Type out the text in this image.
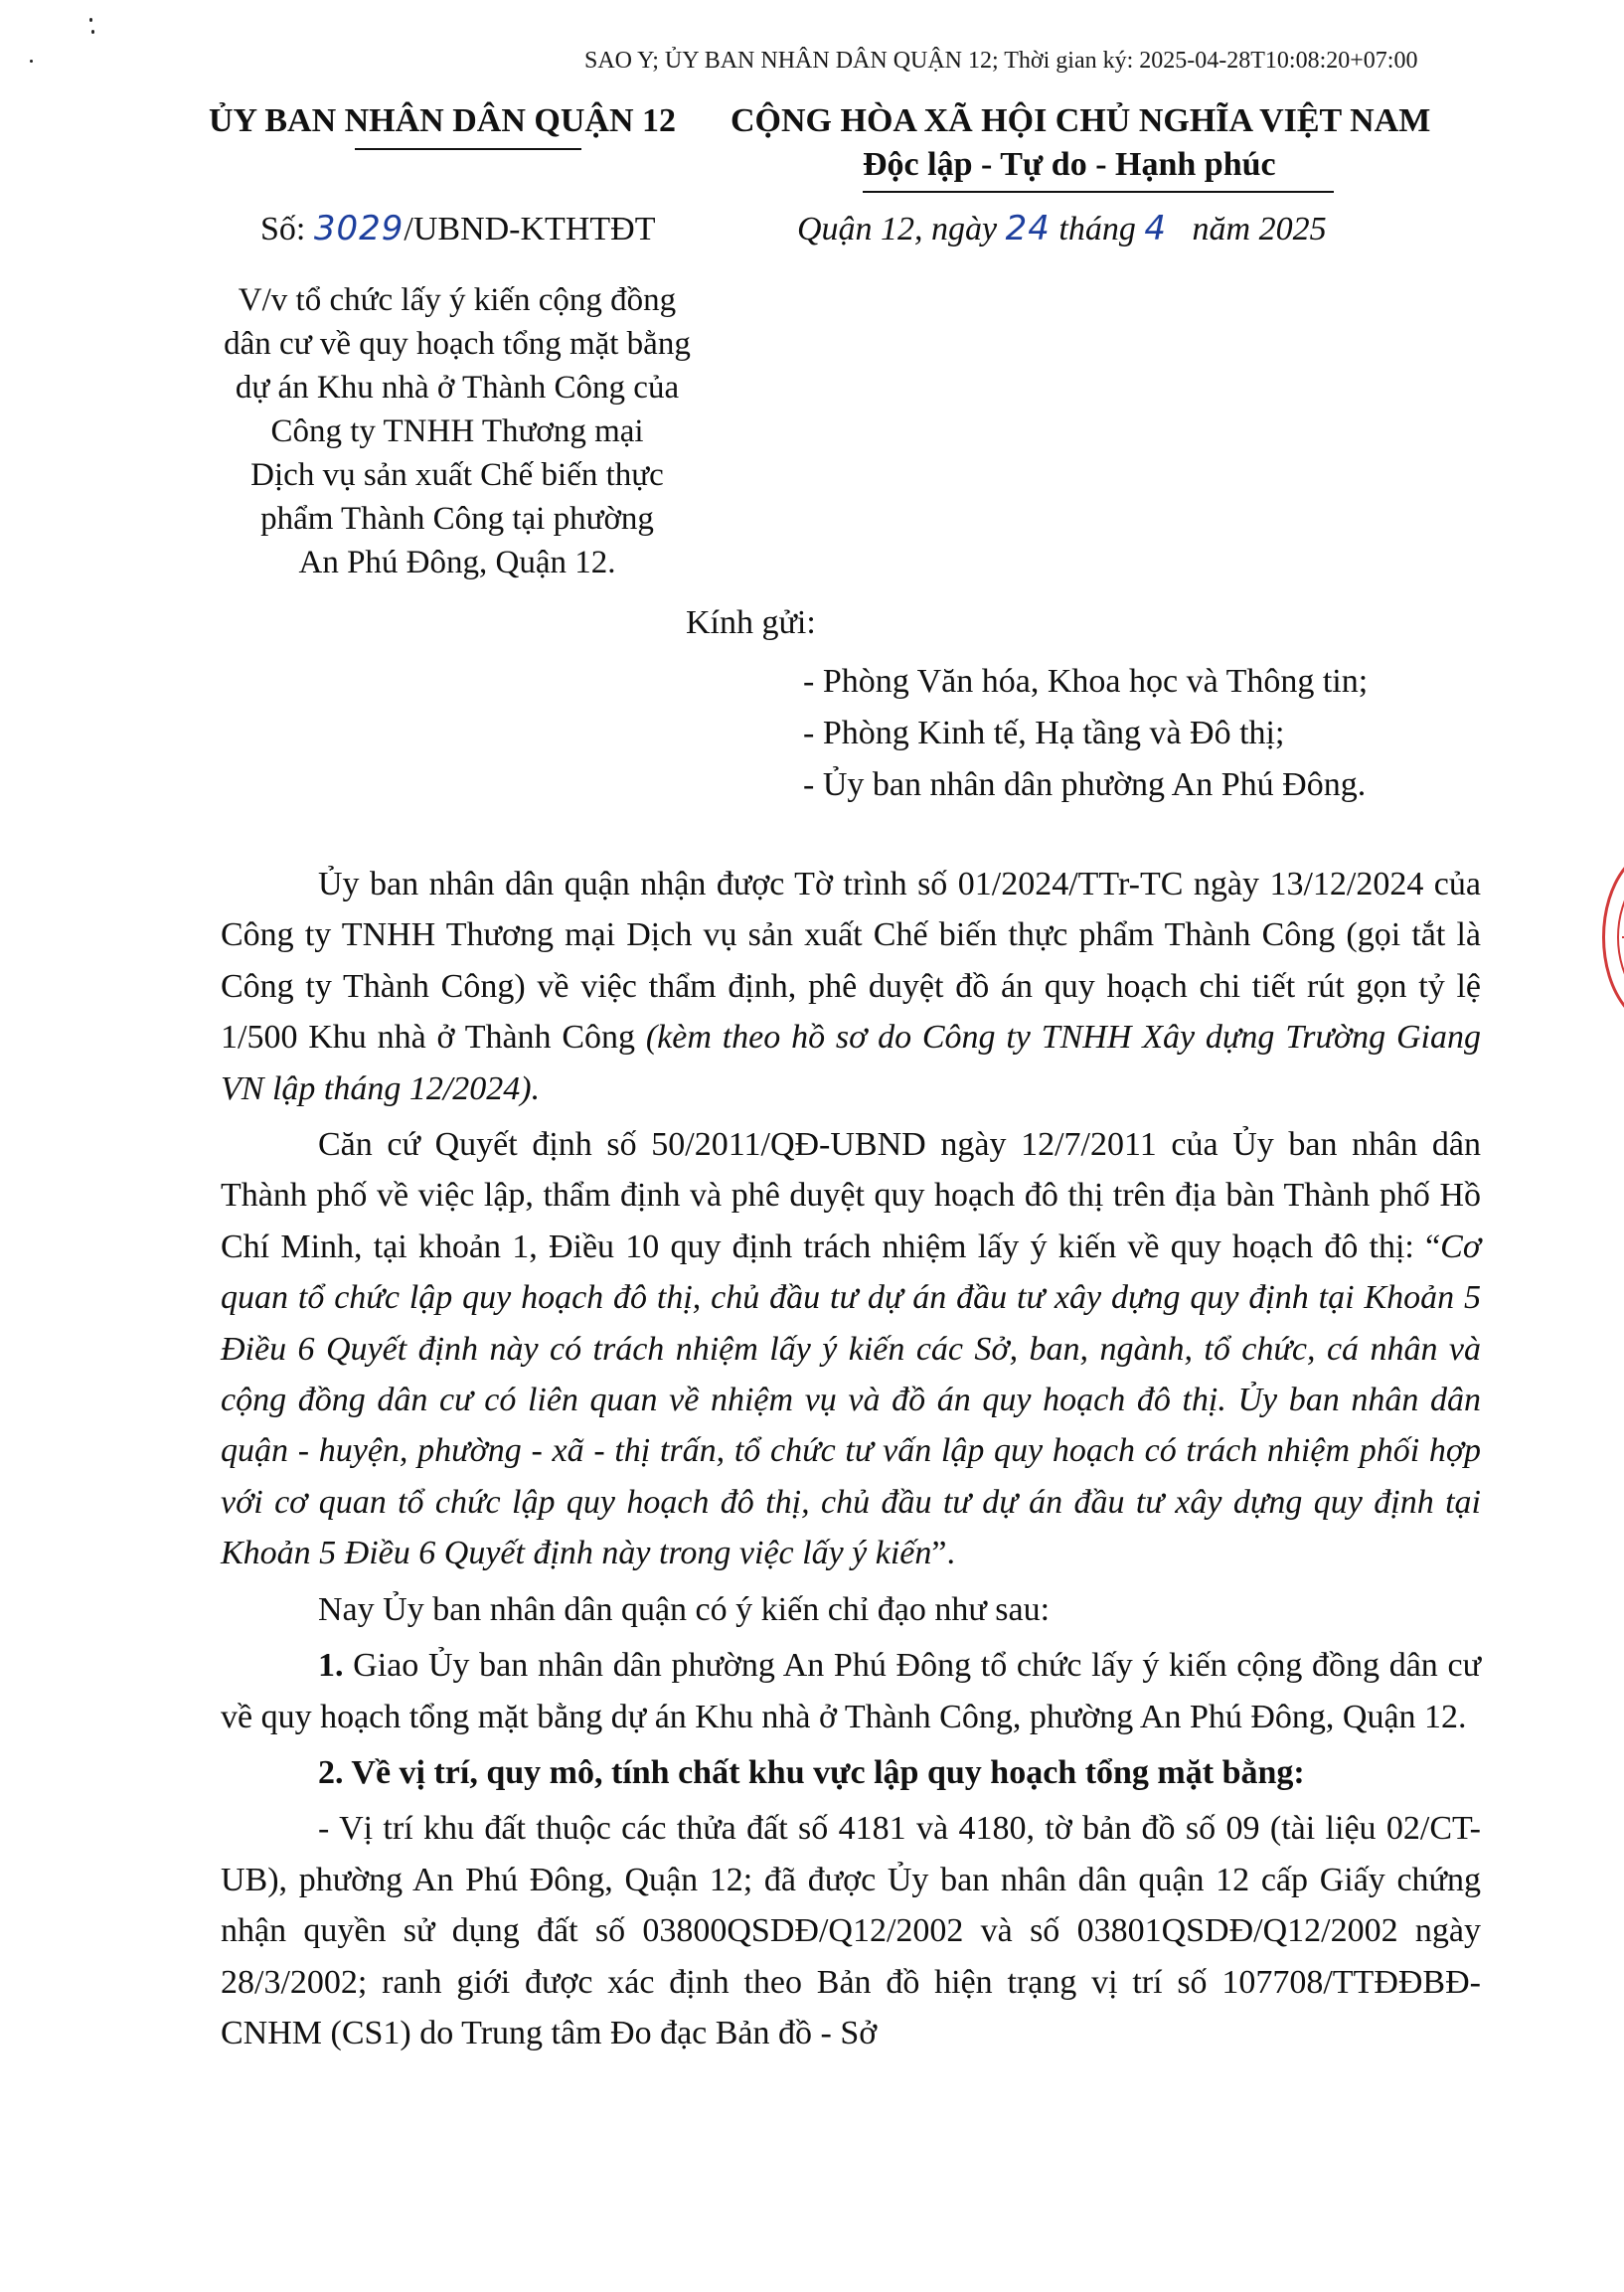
SAO Y; ỦY BAN NHÂN DÂN QUẬN 12; Thời gian ký: 2025-04-28T10:08:20+07:00
ỦY BAN NHÂN DÂN QUẬN 12 CỘNG HÒA XÃ HỘI CHỦ NGHĨA VIỆT NAM
Độc lập - Tự do - Hạnh phúc
Số: 3029/UBND-KTHTĐT	Quận 12, ngày 24 tháng 4   năm 2025
V/v tổ chức lấy ý kiến cộng đồng
dân cư về quy hoạch tổng mặt bằng
dự án Khu nhà ở Thành Công của
Công ty TNHH Thương mại
Dịch vụ sản xuất Chế biến thực
phẩm Thành Công tại phường
An Phú Đông, Quận 12.
Kính gửi:
- Phòng Văn hóa, Khoa học và Thông tin;
- Phòng Kinh tế, Hạ tầng và Đô thị;
- Ủy ban nhân dân phường An Phú Đông.

Ủy ban nhân dân quận nhận được Tờ trình số 01/2024/TTr-TC ngày 13/12/2024 của Công ty TNHH Thương mại Dịch vụ sản xuất Chế biến thực phẩm Thành Công (gọi tắt là Công ty Thành Công) về việc thẩm định, phê duyệt đồ án quy hoạch chi tiết rút gọn tỷ lệ 1/500 Khu nhà ở Thành Công (kèm theo hồ sơ do Công ty TNHH Xây dựng Trường Giang VN lập tháng 12/2024).

Căn cứ Quyết định số 50/2011/QĐ-UBND ngày 12/7/2011 của Ủy ban nhân dân Thành phố về việc lập, thẩm định và phê duyệt quy hoạch đô thị trên địa bàn Thành phố Hồ Chí Minh, tại khoản 1, Điều 10 quy định trách nhiệm lấy ý kiến về quy hoạch đô thị: “Cơ quan tổ chức lập quy hoạch đô thị, chủ đầu tư dự án đầu tư xây dựng quy định tại Khoản 5 Điều 6 Quyết định này có trách nhiệm lấy ý kiến các Sở, ban, ngành, tổ chức, cá nhân và cộng đồng dân cư có liên quan về nhiệm vụ và đồ án quy hoạch đô thị. Ủy ban nhân dân quận - huyện, phường - xã - thị trấn, tổ chức tư vấn lập quy hoạch có trách nhiệm phối hợp với cơ quan tổ chức lập quy hoạch đô thị, chủ đầu tư dự án đầu tư xây dựng quy định tại Khoản 5 Điều 6 Quyết định này trong việc lấy ý kiến”.

Nay Ủy ban nhân dân quận có ý kiến chỉ đạo như sau:

1. Giao Ủy ban nhân dân phường An Phú Đông tổ chức lấy ý kiến cộng đồng dân cư về quy hoạch tổng mặt bằng dự án Khu nhà ở Thành Công, phường An Phú Đông, Quận 12.

2. Về vị trí, quy mô, tính chất khu vực lập quy hoạch tổng mặt bằng:

- Vị trí khu đất thuộc các thửa đất số 4181 và 4180, tờ bản đồ số 09 (tài liệu 02/CT-UB), phường An Phú Đông, Quận 12; đã được Ủy ban nhân dân quận 12 cấp Giấy chứng nhận quyền sử dụng đất số 03800QSDĐ/Q12/2002 và số 03801QSDĐ/Q12/2002 ngày 28/3/2002; ranh giới được xác định theo Bản đồ hiện trạng vị trí số 107708/TTĐĐBĐ-CNHM (CS1) do Trung tâm Đo đạc Bản đồ - Sở
